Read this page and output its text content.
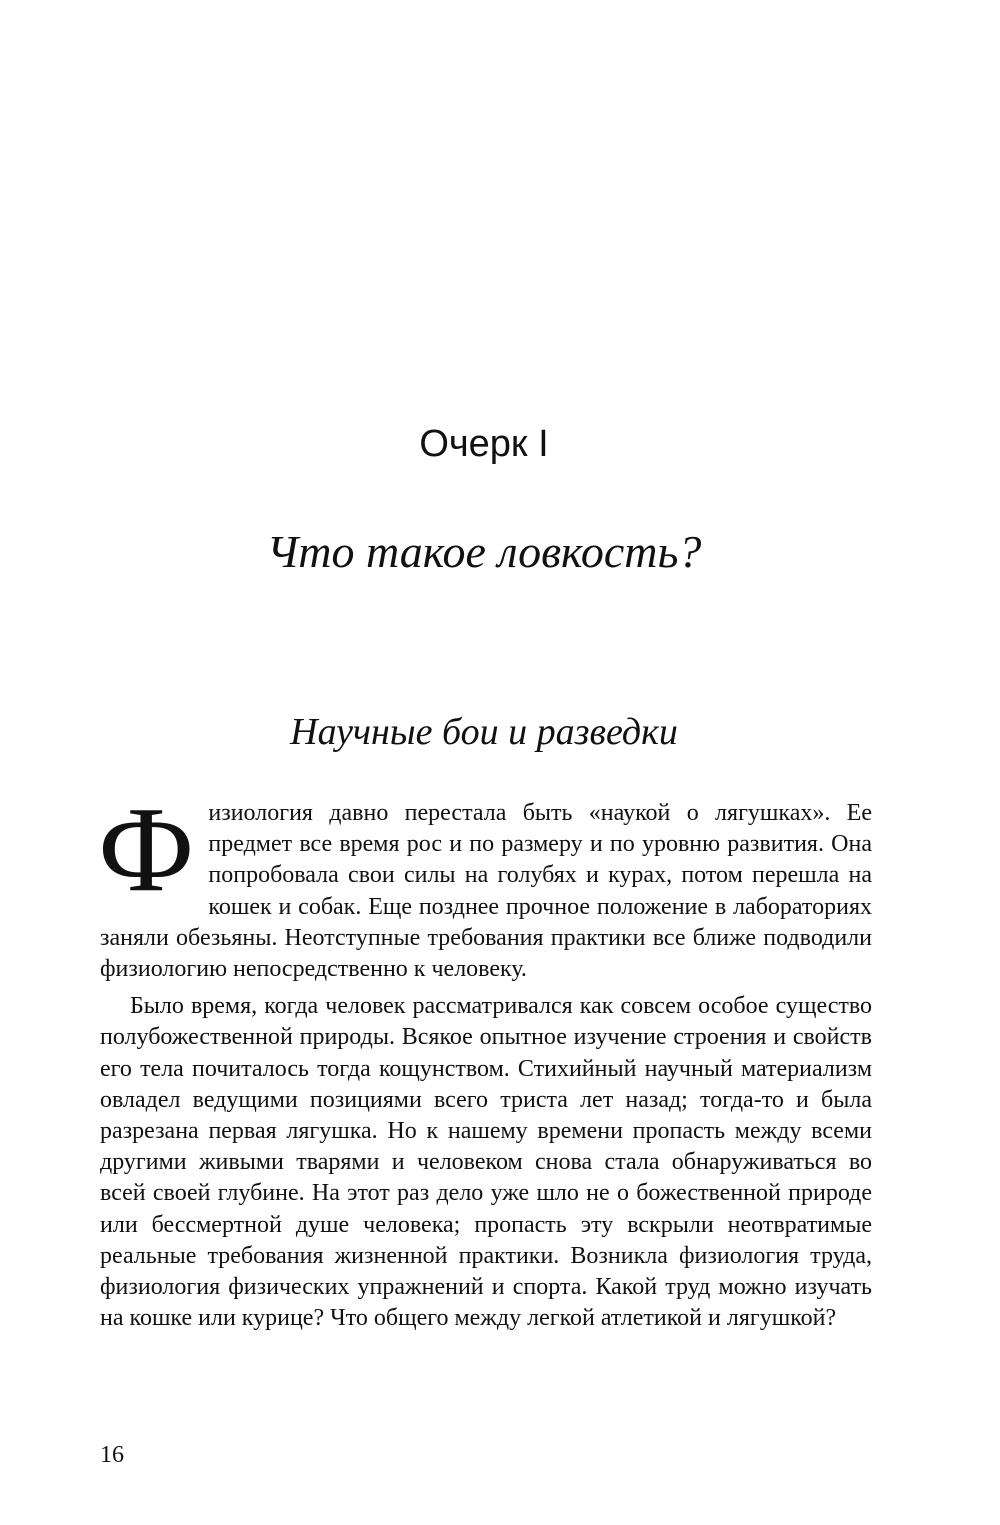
Очерк I
Что такое ловкость?
Научные бои и разведки

Физиология давно перестала быть «наукой о лягушках». Ее предмет все время рос и по размеру и по уровню развития. Она попробовала свои силы на голубях и курах, потом перешла на кошек и собак. Еще позднее прочное положение в лабораториях заняли обезьяны. Неотступные требования практики все ближе подводили физиологию непосредственно к человеку.

Было время, когда человек рассматривался как совсем особое существо полубожественной природы. Всякое опытное изучение строения и свойств его тела почиталось тогда кощунством. Стихийный научный материализм овладел ведущими позициями всего триста лет назад; тогда-то и была разрезана первая лягушка. Но к нашему времени пропасть между всеми другими живыми тварями и человеком снова стала обнаруживаться во всей своей глубине. На этот раз дело уже шло не о божественной природе или бессмертной душе человека; пропасть эту вскрыли неотвратимые реальные требования жизненной практики. Возникла физиология труда, физиология физических упражнений и спорта. Какой труд можно изучать на кошке или курице? Что общего между легкой атлетикой и лягушкой?

16
